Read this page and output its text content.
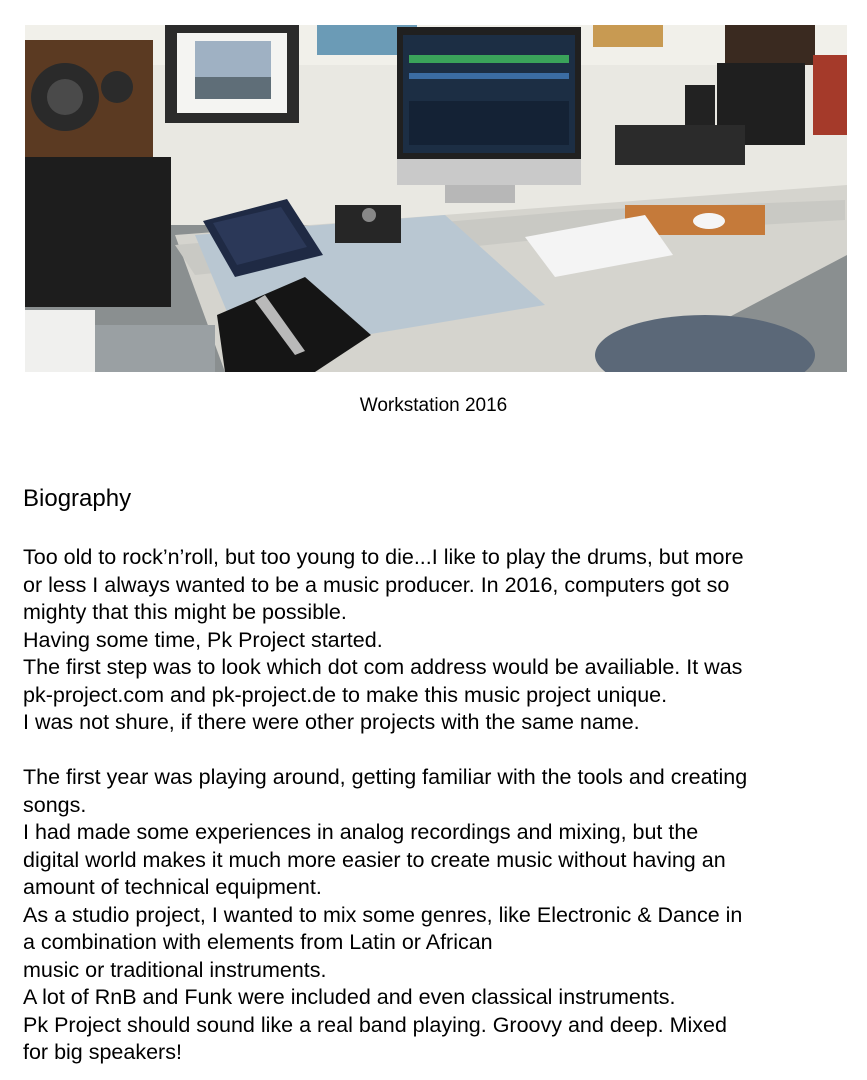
Workstation 2016
Biography

Too old to rock’n’roll, but too young to die...I like to play the drums, but more

or less I always wanted to be a music producer. In 2016, computers got so

mighty that this might be possible.

Having some time, Pk Project started.

The first step was to look which dot com address would be availiable. It was

pk-project.com and pk-project.de to make this music project unique.

I was not shure, if there were other projects with the same name.

The first year was playing around, getting familiar with the tools and creating

songs.

I had made some experiences in analog recordings and mixing, but the

digital world makes it much more easier to create music without having an

amount of technical equipment.

As a studio project, I wanted to mix some genres, like Electronic & Dance in

a combination with elements from Latin or African

music or traditional instruments.

A lot of RnB and Funk were included and even classical instruments.

Pk Project should sound like a real band playing. Groovy and deep. Mixed

for big speakers!
